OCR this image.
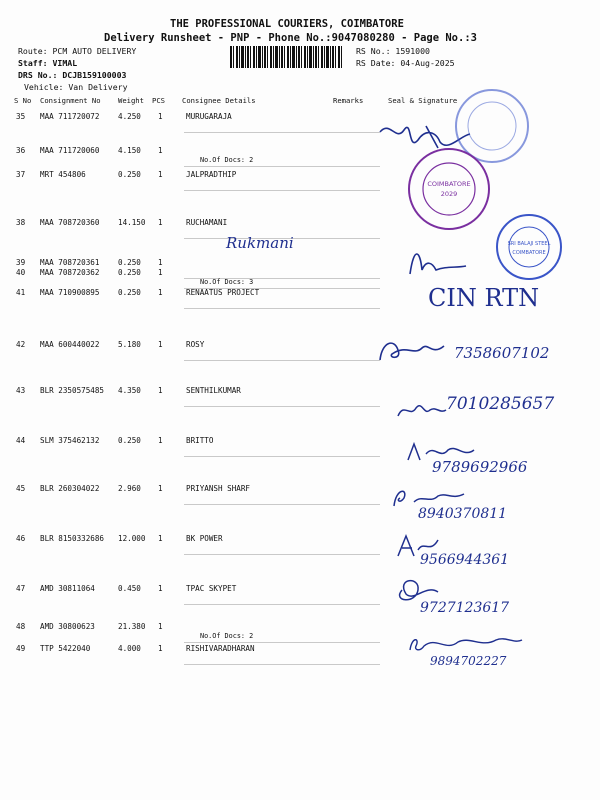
THE PROFESSIONAL COURIERS, COIMBATORE
Delivery Runsheet - PNP - Phone No.:9047080280 - Page No.:3
Route: PCM AUTO DELIVERY
Staff: VIMAL
DRS No.: DCJB159100003
Vehicle: Van Delivery
RS No.: 1591000
RS Date: 04-Aug-2025
S No Consignment No Weight PCS Consignee Details	Remarks	Seal & Signature
35 MAA 711720072 4.250 1	MURUGARAJA
36 MAA 711720060 4.150 1
No.Of Docs: 2
37 MRT 454806	0.250 1	JALPRADTHIP
38 MAA 708720360 14.150 1	RUCHAMANI
39 MAA 708720361 0.250 1
40 MAA 708720362 0.250 1
No.Of Docs: 3
41 MAA 710900895 0.250 1	RENAATUS PROJECT
42 MAA 600440022 5.180 1	ROSY
43 BLR 2350575485 4.350 1	SENTHILKUMAR
44 SLM 375462132 0.250 1	BRITTO
45 BLR 260304022 2.960 1	PRIYANSH SHARF
46 BLR 8150332686 12.000 1	BK POWER
47 AMD 30811064	0.450 1	TPAC SKYPET
48 AMD 30800623	21.380 1
No.Of Docs: 2
49 TTP 5422040	4.000 1	RISHIVARADHARAN
Rukmani
CIN RTN
7358607102
7010285657
9789692966
8940370811
9566944361
9727123617
9894702227
COIMBATORE
2029
SRI BALAJI STEEL
COIMBATORE
